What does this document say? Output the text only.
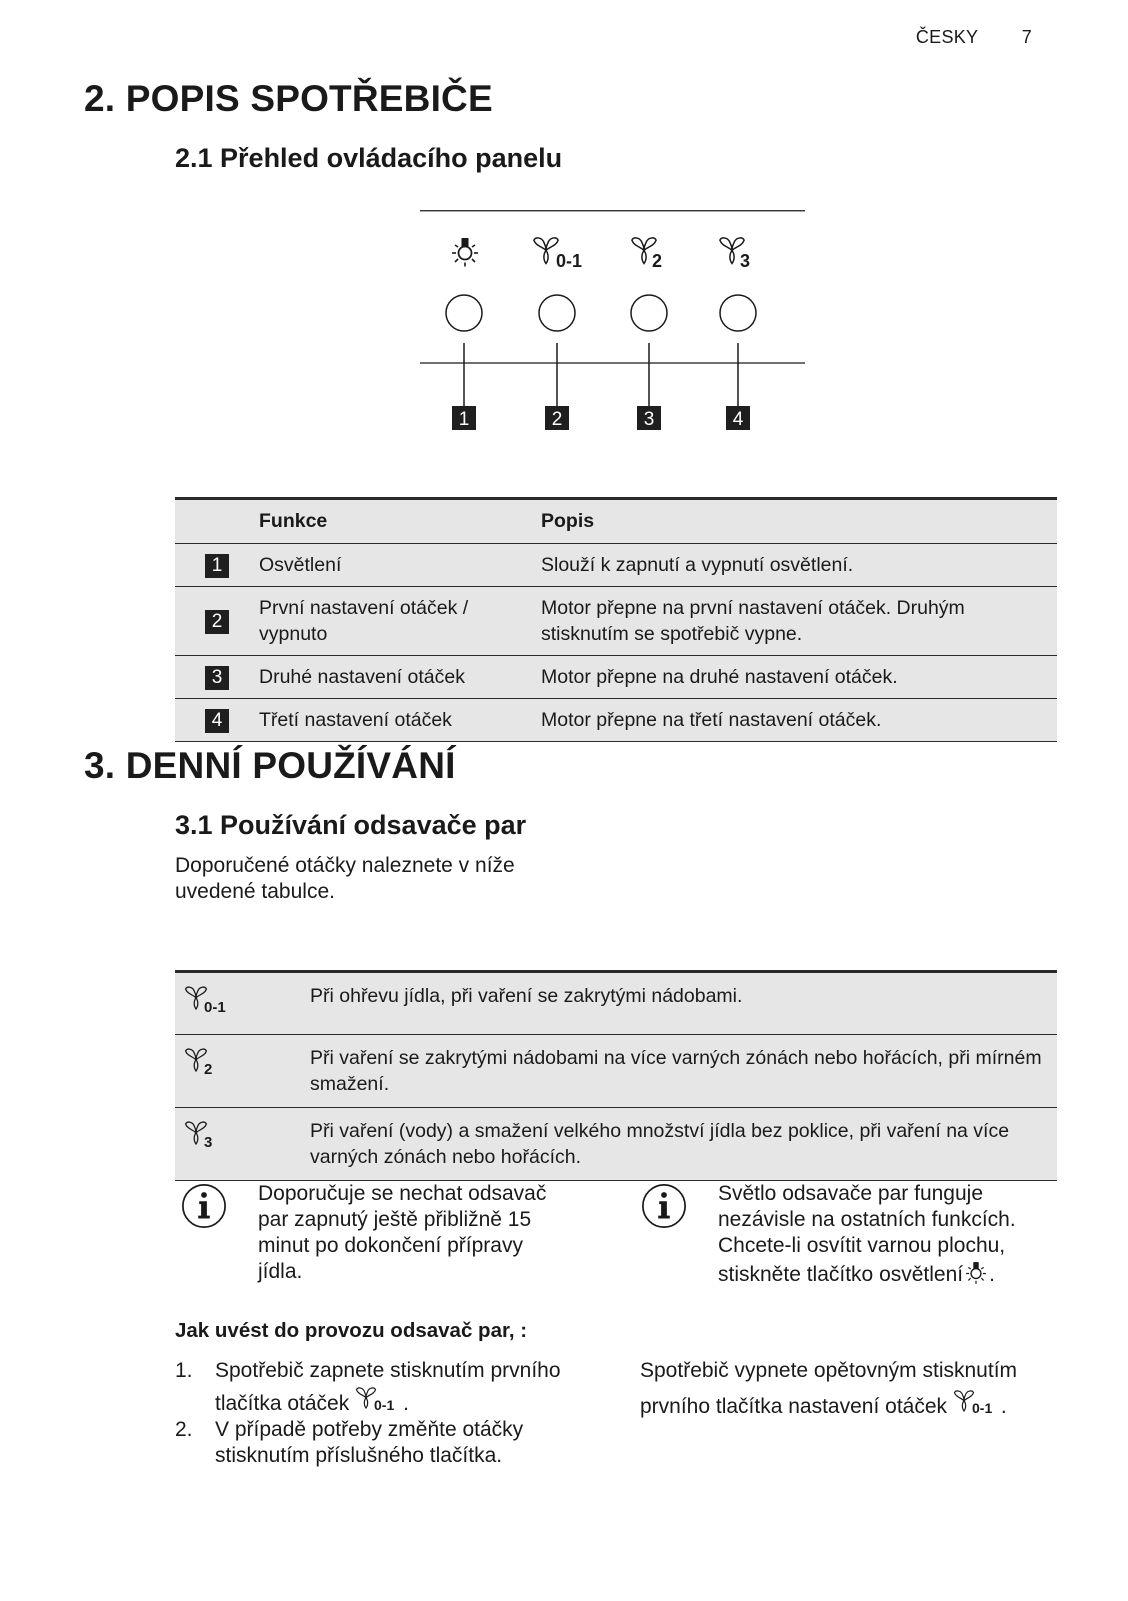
ČESKY 7
2. POPIS SPOTŘEBIČE
2.1 Přehled ovládacího panelu
1
0-1
2
2
3
3
4
	Funkce	Popis
1	Osvětlení	Slouží k zapnutí a vypnutí osvětlení.
2	První nastavení otáček / vypnuto	Motor přepne na první nastavení otáček. Druhým stisknutím se spotřebič vypne.
3	Druhé nastavení otáček	Motor přepne na druhé nastavení otáček.
4	Třetí nastavení otáček	Motor přepne na třetí nastavení otáček.
3. DENNÍ POUŽÍVÁNÍ
3.1 Používání odsavače par
Doporučené otáčky naleznete v níže uvedené tabulce.
0-1	Při ohřevu jídla, při vaření se zakrytými nádobami.

2	Při vaření se zakrytými nádobami na více varných zónách nebo hořácích, při mírném smažení.

3	Při vaření (vody) a smažení velkého množství jídla bez poklice, při vaření na více varných zónách nebo hořácích.
Doporučuje se nechat odsavač par zapnutý ještě přibližně 15 minut po dokončení přípravy jídla.
Světlo odsavače par funguje nezávisle na ostatních funkcích. Chcete-li osvítit varnou plochu, stiskněte tlačítko osvětlení .
Jak uvést do provozu odsavač par, :
1. Spotřebič zapnete stisknutím prvního tlačítka otáček 0-1 .
2. V případě potřeby změňte otáčky stisknutím příslušného tlačítka.
Spotřebič vypnete opětovným stisknutím prvního tlačítka nastavení otáček 0-1 .
